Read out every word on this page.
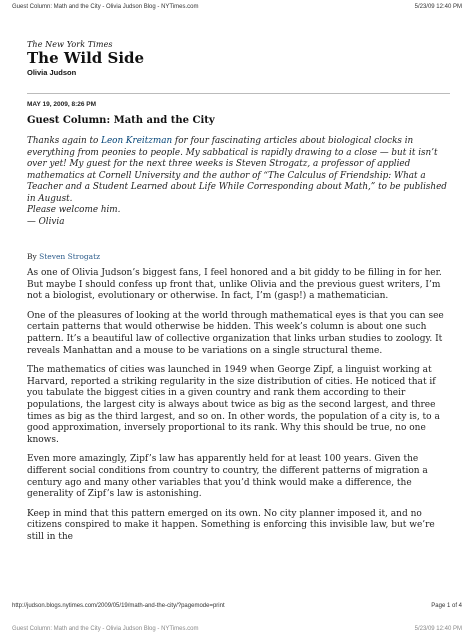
Guest Column: Math and the City - Olivia Judson Blog - NYTimes.com	5/23/09 12:40 PM
The New York Times
The Wild Side
Olivia Judson
MAY 19, 2009, 8:26 PM
Guest Column: Math and the City

Thanks again to Leon Kreitzman for four fascinating articles about biological clocks in everything from peonies to people. My sabbatical is rapidly drawing to a close — but it isn’t over yet! My guest for the next three weeks is Steven Strogatz, a professor of applied mathematics at Cornell University and the author of “The Calculus of Friendship: What a Teacher and a Student Learned about Life While Corresponding about Math,” to be published in August.

Please welcome him.

— Olivia

By Steven Strogatz

As one of Olivia Judson’s biggest fans, I feel honored and a bit giddy to be filling in for her. But maybe I should confess up front that, unlike Olivia and the previous guest writers, I’m not a biologist, evolutionary or otherwise. In fact, I’m (gasp!) a mathematician.

One of the pleasures of looking at the world through mathematical eyes is that you can see certain patterns that would otherwise be hidden. This week’s column is about one such pattern. It’s a beautiful law of collective organization that links urban studies to zoology. It reveals Manhattan and a mouse to be variations on a single structural theme.

The mathematics of cities was launched in 1949 when George Zipf, a linguist working at Harvard, reported a striking regularity in the size distribution of cities. He noticed that if you tabulate the biggest cities in a given country and rank them according to their populations, the largest city is always about twice as big as the second largest, and three times as big as the third largest, and so on. In other words, the population of a city is, to a good approximation, inversely proportional to its rank. Why this should be true, no one knows.

Even more amazingly, Zipf’s law has apparently held for at least 100 years. Given the different social conditions from country to country, the different patterns of migration a century ago and many other variables that you’d think would make a difference, the generality of Zipf’s law is astonishing.

Keep in mind that this pattern emerged on its own. No city planner imposed it, and no citizens conspired to make it happen. Something is enforcing this invisible law, but we’re still in the

http://judson.blogs.nytimes.com/2009/05/19/math-and-the-city/?pagemode=print	Page 1 of 4
Guest Column: Math and the City - Olivia Judson Blog - NYTimes.com	5/23/09 12:40 PM
